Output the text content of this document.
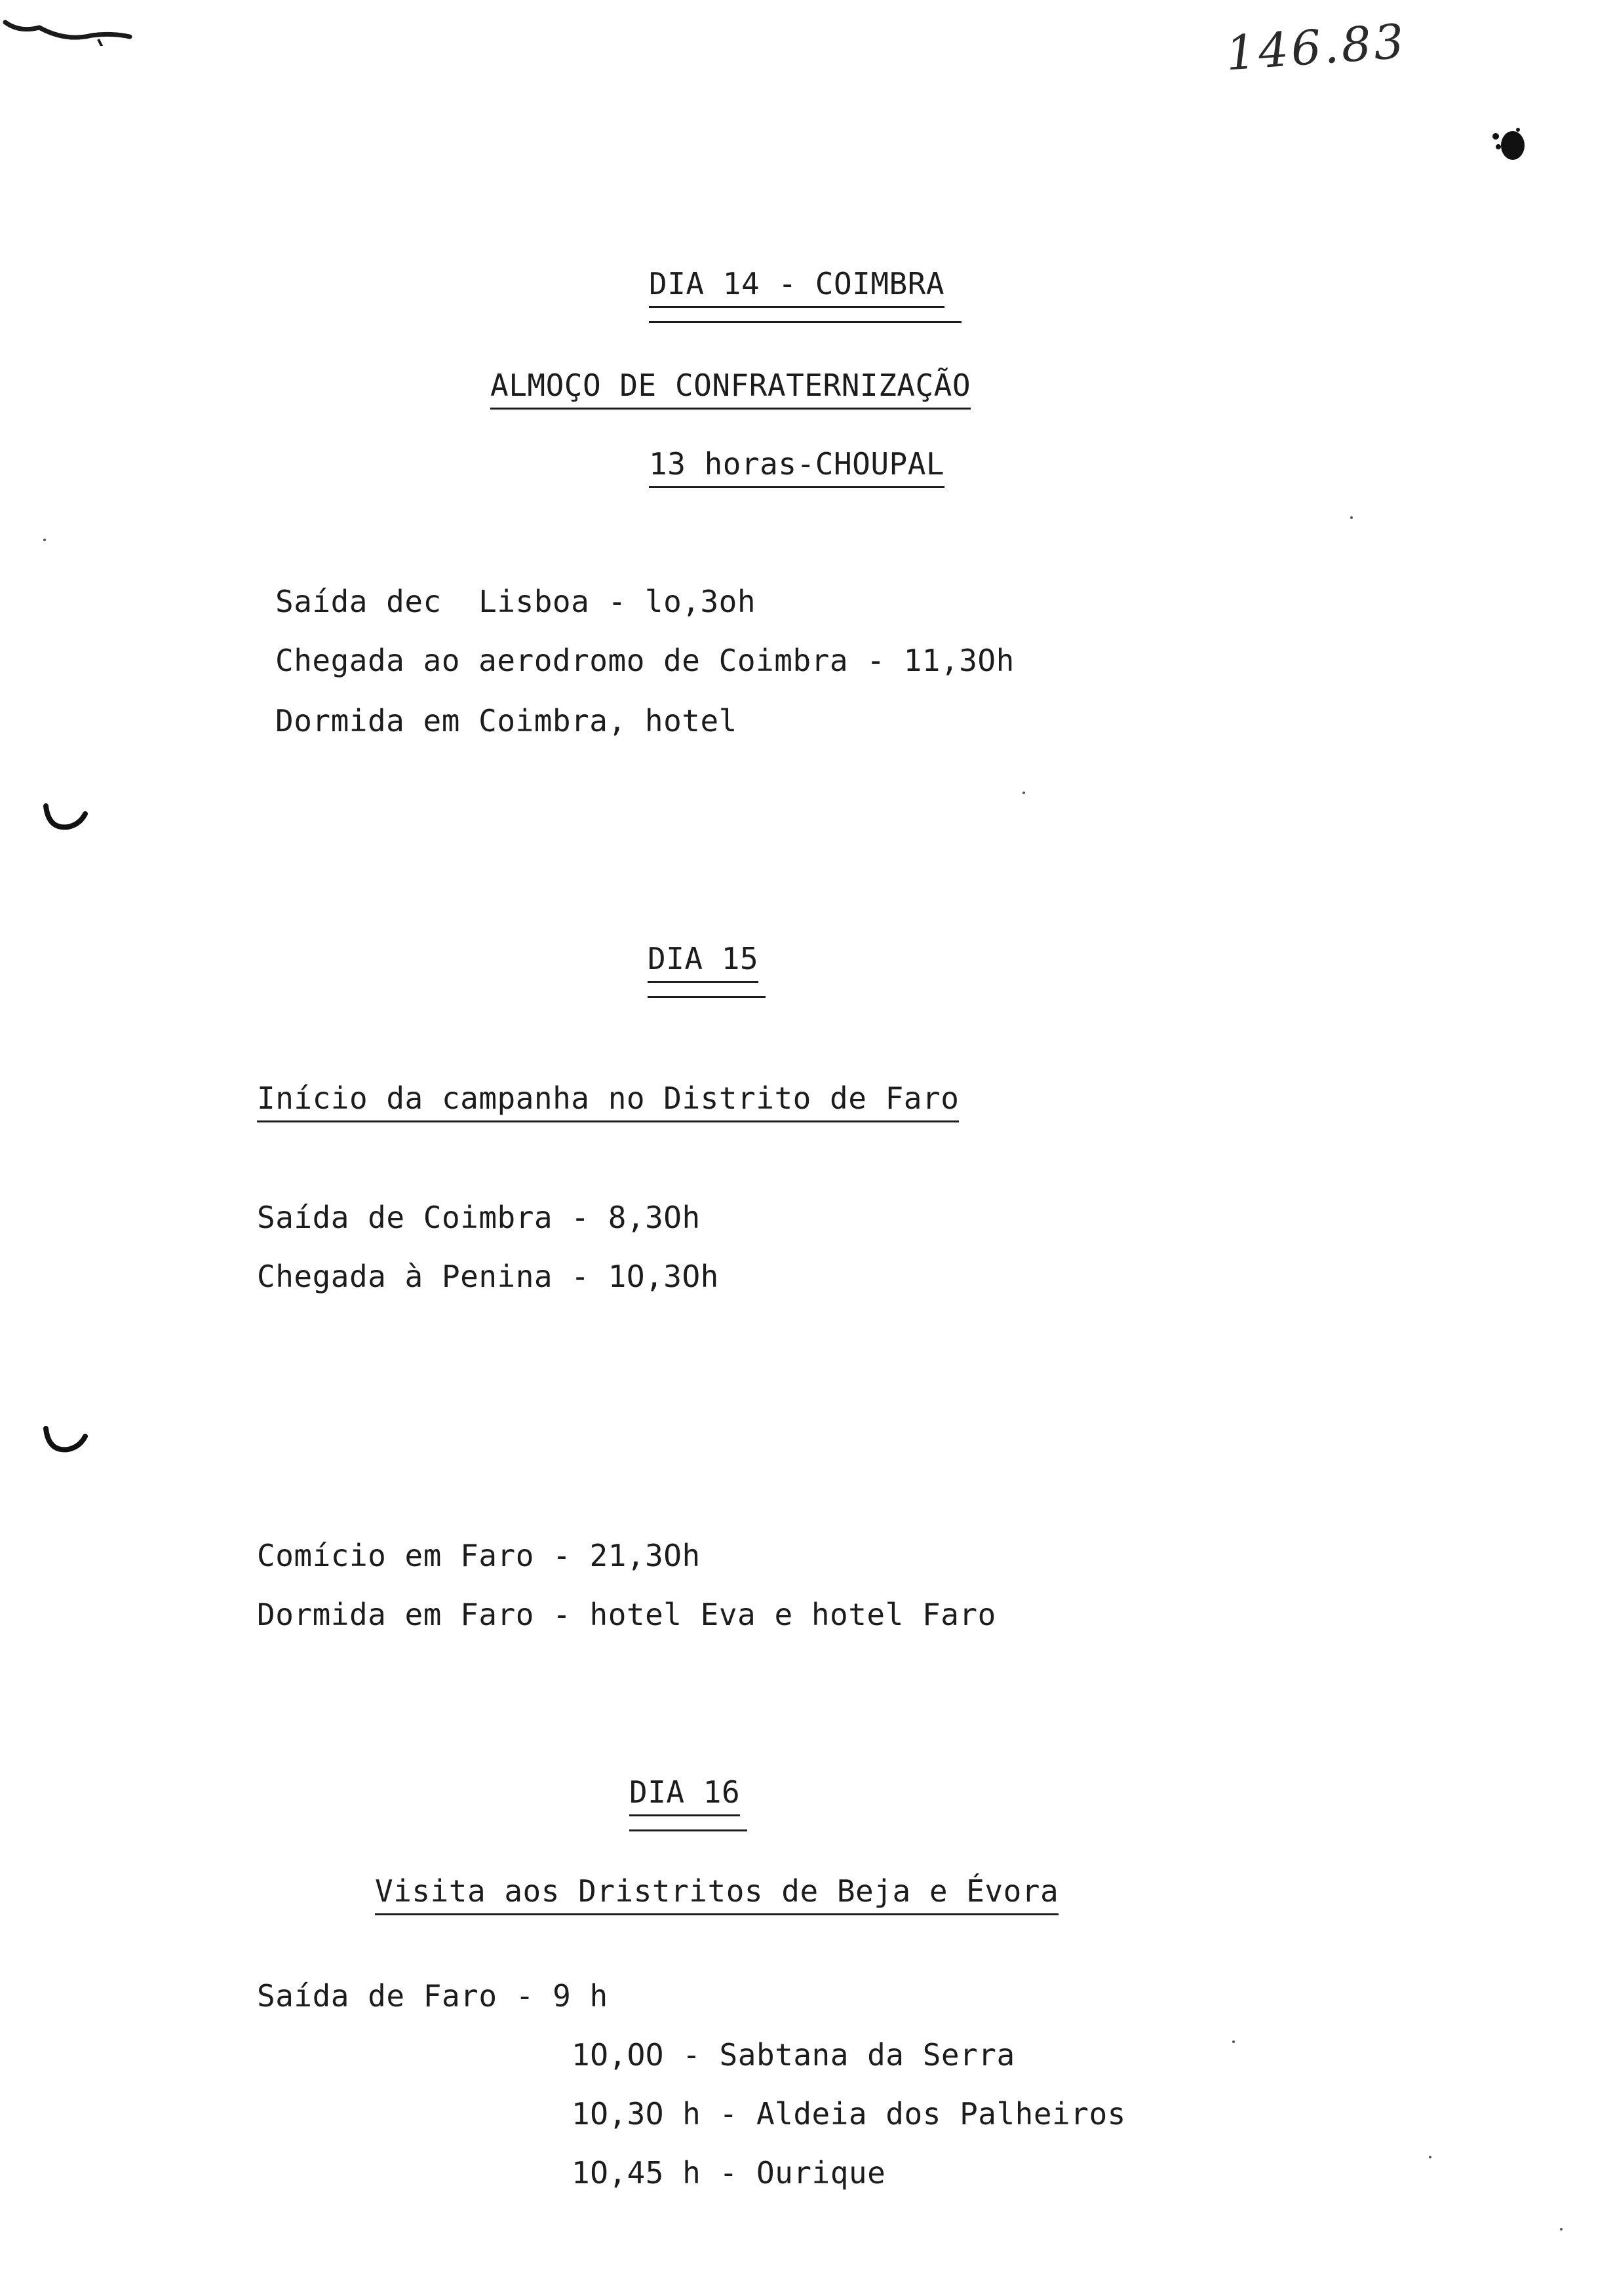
146.83
DIA 14 - COIMBRA
ALMOÇO DE CONFRATERNIZAÇÃO
13 horas-CHOUPAL
Saída dec  Lisboa - lo,3oh
Chegada ao aerodromo de Coimbra - 11,3Oh
Dormida em Coimbra, hotel
DIA 15
Início da campanha no Distrito de Faro
Saída de Coimbra - 8,3Oh
Chegada à Penina - 1O,3Oh
Comício em Faro - 21,3Oh
Dormida em Faro - hotel Eva e hotel Faro
DIA 16
Visita aos Dristritos de Beja e Évora
Saída de Faro - 9 h
1O,OO - Sabtana da Serra
1O,3O h - Aldeia dos Palheiros
1O,45 h - Ourique
